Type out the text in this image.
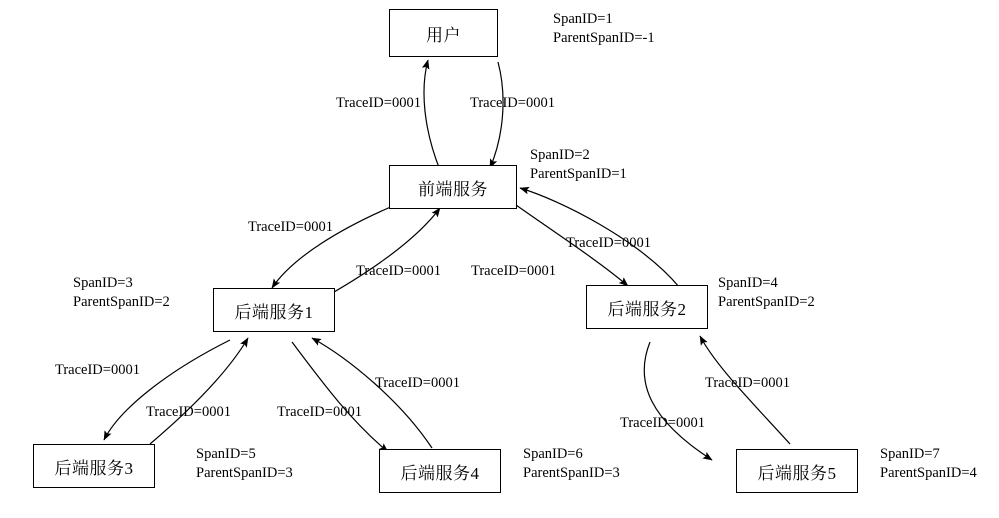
用户
前端服务
后端服务1	后端服务2
后端服务3	后端服务4	后端服务5
TraceID=0001	TraceID=0001
TraceID=0001
TraceID=0001 TraceID=0001
TraceID=0001
TraceID=0001
TraceID=0001	TraceID=0001
TraceID=0001
TraceID=0001
TraceID=0001
SpanID=1
ParentSpanID=-1
SpanID=2
ParentSpanID=1
SpanID=3
ParentSpanID=2
SpanID=4
ParentSpanID=2
SpanID=5
ParentSpanID=3
SpanID=6
ParentSpanID=3
SpanID=7
ParentSpanID=4
